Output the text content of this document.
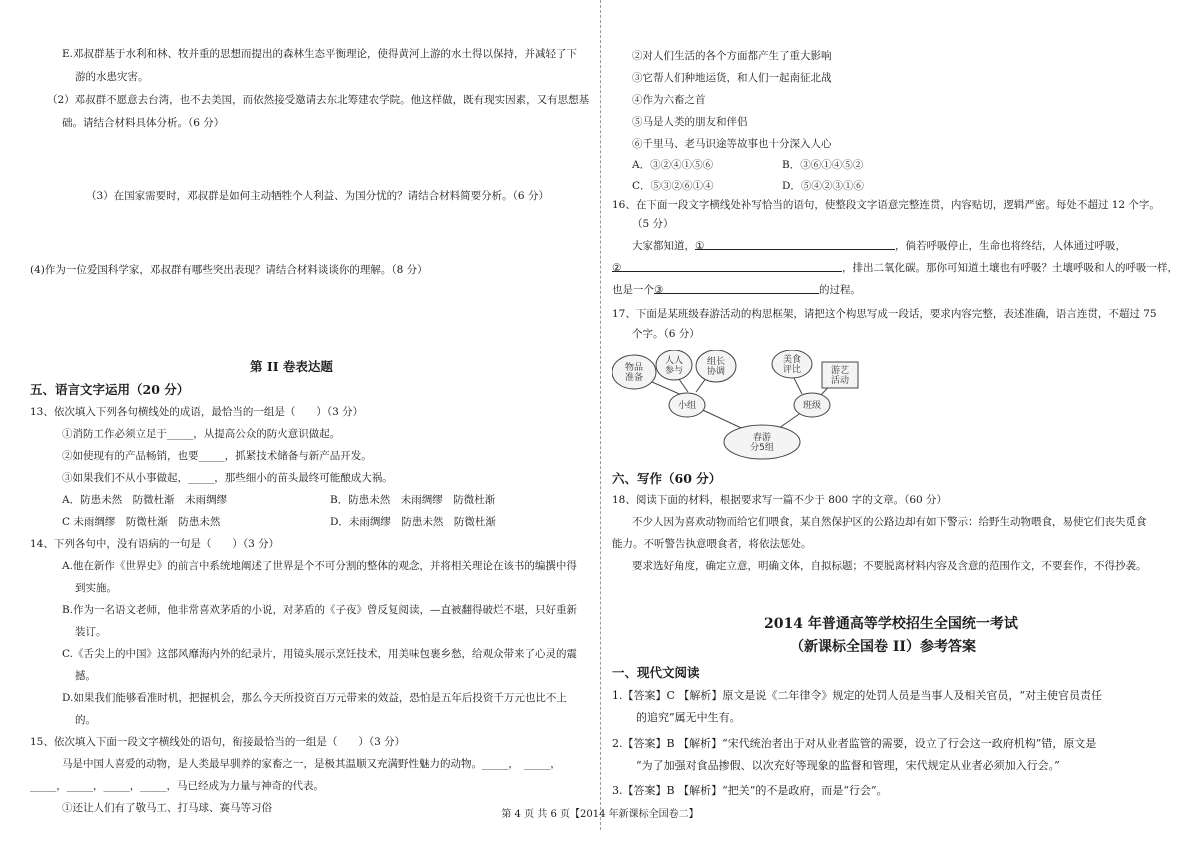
E.邓叔群基于水利和林、牧并重的思想而提出的森林生态平衡理论，使得黄河上游的水土得以保持，并减轻了下
游的水患灾害。
（2）邓叔群不愿意去台湾，也不去美国，而依然接受邀请去东北筹建农学院。他这样做，既有现实因素，又有思想基
础。请结合材料具体分析。（6 分）
（3）在国家需要时，邓叔群是如何主动牺牲个人利益、为国分忧的？请结合材料简要分析。（6 分）
(4)作为一位爱国科学家，邓叔群有哪些突出表现？请结合材料谈谈你的理解。（8 分）
第 II 卷表达题
五、语言文字运用（20 分）
13、依次填入下列各句横线处的成语，最恰当的一组是（　　）（3 分）
①消防工作必须立足于_____，从提高公众的防火意识做起。
②如使现有的产品畅销，也要_____，抓紧技术储备与新产品开发。
③如果我们不从小事做起，_____，那些细小的苗头最终可能酿成大祸。
A．防患未然　防微杜渐　未雨绸缪	B．防患未然　未雨绸缪　防微杜渐
C 未雨绸缪　防微杜渐　防患未然	D．未雨绸缪　防患未然　防微杜渐
14、下列各句中，没有语病的一句是（　　）（3 分）
A.他在新作《世界史》的前言中系统地阐述了世界是个不可分割的整体的观念，并将相关理论在该书的编撰中得
到实施。
B.作为一名语文老师，他非常喜欢茅盾的小说，对茅盾的《子夜》曾反复阅读，—直被翻得破烂不堪，只好重新
装订。
C.《舌尖上的中国》这部风靡海内外的纪录片，用镜头展示烹饪技术，用美味包裹乡愁，给观众带来了心灵的震
撼。
D.如果我们能够看准时机，把握机会，那么今天所投资百万元带来的效益，恐怕是五年后投资千万元也比不上
的。
15、依次填入下面一段文字横线处的语句，衔接最恰当的一组是（　　）（3 分）
马是中国人喜爱的动物，是人类最早驯养的家畜之一，是极其温顺又充满野性魅力的动物。_____，　_____，
_____，_____，_____，_____，马已经成为力量与神奇的代表。
①还让人们有了敬马工、打马球、赛马等习俗
②对人们生活的各个方面都产生了重大影响
③它帮人们种地运货，和人们一起南征北战
④作为六畜之首
⑤马是人类的朋友和伴侣
⑥千里马、老马识途等故事也十分深入人心
A．③②④①⑤⑥	B．③⑥①④⑤②
C．⑤③②⑥①④	D．⑤④②③①⑥
16、在下面一段文字横线处补写恰当的语句，使整段文字语意完整连贯，内容贴切，逻辑严密。每处不超过 12 个字。
（5 分）
大家都知道，①	，倘若呼吸停止，生命也将终结，人体通过呼吸，
②	，排出二氧化碳。那你可知道土壤也有呼吸？土壤呼吸和人的呼吸一样，
也是一个③	的过程。
17、下面是某班级春游活动的构思框架，请把这个构思写成一段话，要求内容完整，表述准确，语言连贯，不超过 75
个字。（6 分）
六、写作（60 分）
18、阅读下面的材料，根据要求写一篇不少于 800 字的文章。（60 分）
不少人因为喜欢动物而给它们喂食，某自然保护区的公路边却有如下警示：给野生动物喂食，易使它们丧失觅食
能力。不听警告执意喂食者，将依法惩处。
要求选好角度，确定立意，明确文体，自拟标题；不要脱离材料内容及含意的范围作文，不要套作，不得抄袭。
2014 年普通高等学校招生全国统一考试
（新课标全国卷 II）参考答案
一、现代文阅读
1.【答案】C 【解析】原文是说《二年律令》规定的处罚人员是当事人及相关官员，“对主使官员责任
的追究”属无中生有。
2.【答案】B 【解析】“宋代统治者出于对从业者监管的需要，设立了行会这一政府机构”错，原文是
“为了加强对食品掺假、以次充好等现象的监督和管理，宋代规定从业者必须加入行会。”
3.【答案】B 【解析】“把关”的不是政府，而是“行会”。
春游分5组
小组	班级
物品准备
人人参与
组长协调
美食评比	游艺活动
第 4 页 共 6 页【2014 年新课标全国卷二】
